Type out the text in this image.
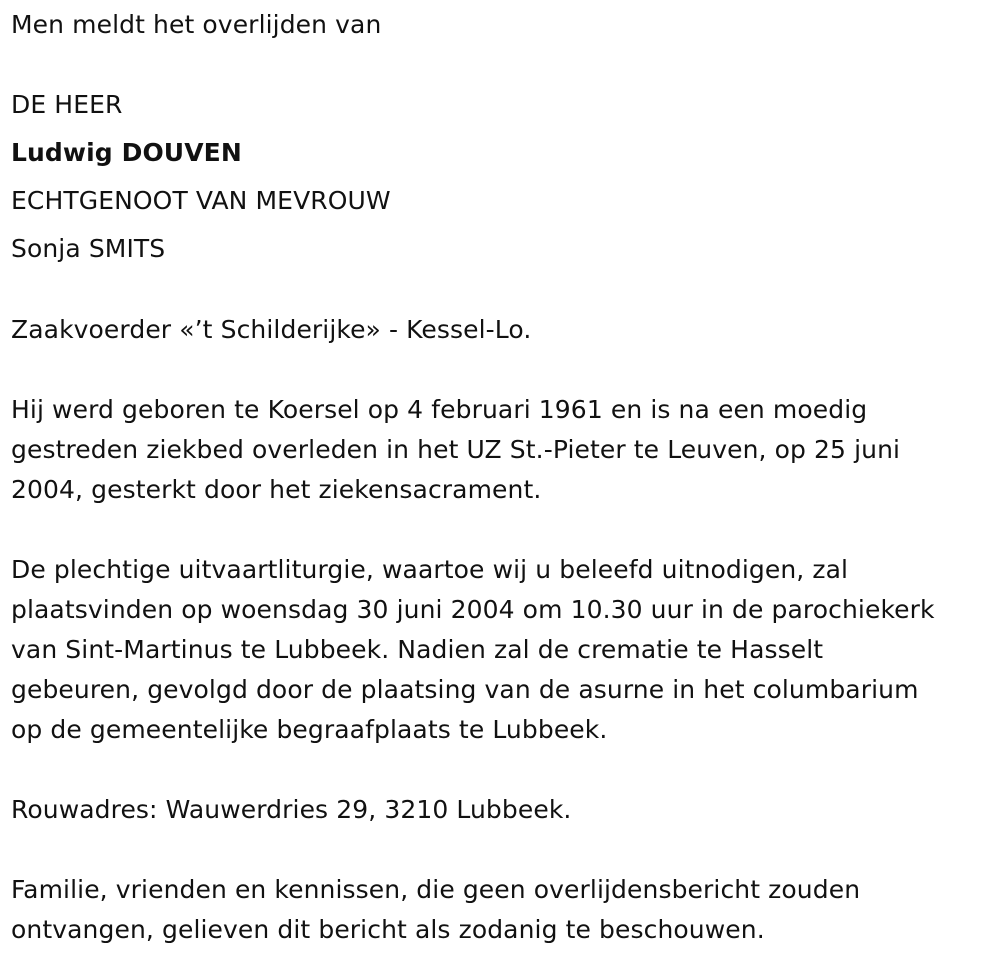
Men meldt het overlijden van
DE HEER
Ludwig DOUVEN
ECHTGENOOT VAN MEVROUW
Sonja SMITS
Zaakvoerder «’t Schilderijke» - Kessel-Lo.
Hij werd geboren te Koersel op 4 februari 1961 en is na een moedig
gestreden ziekbed overleden in het UZ St.-Pieter te Leuven, op 25 juni
2004, gesterkt door het ziekensacrament.
De plechtige uitvaartliturgie, waartoe wij u beleefd uitnodigen, zal
plaatsvinden op woensdag 30 juni 2004 om 10.30 uur in de parochiekerk
van Sint-Martinus te Lubbeek. Nadien zal de crematie te Hasselt
gebeuren, gevolgd door de plaatsing van de asurne in het columbarium
op de gemeentelijke begraafplaats te Lubbeek.
Rouwadres: Wauwerdries 29, 3210 Lubbeek.
Familie, vrienden en kennissen, die geen overlijdensbericht zouden
ontvangen, gelieven dit bericht als zodanig te beschouwen.
